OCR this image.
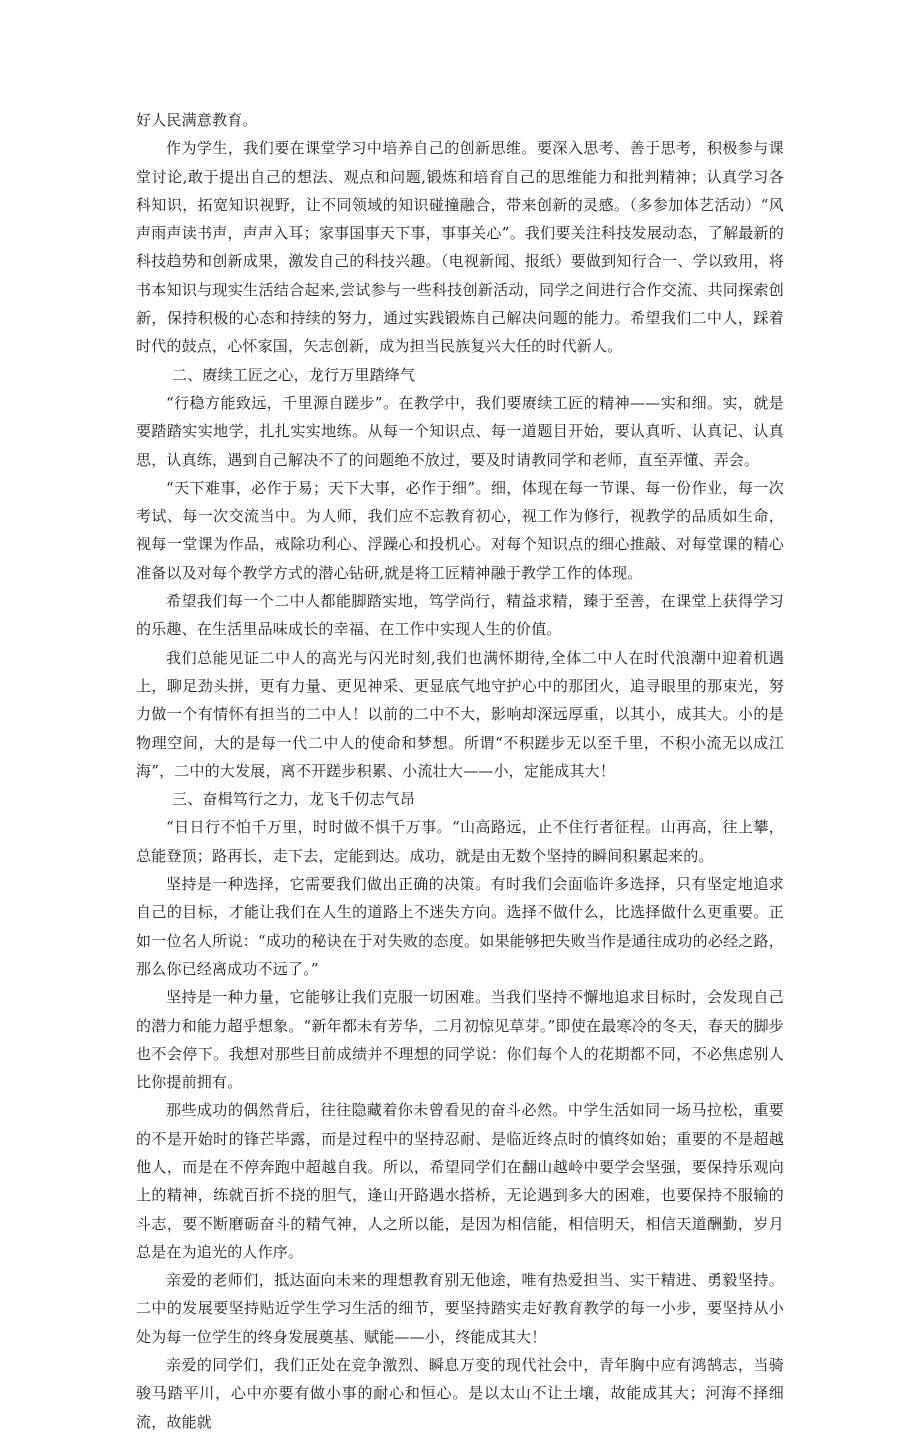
好人民满意教育。

作为学生，我们要在课堂学习中培养自己的创新思维。要深入思考、善于思考，积极参与课堂讨论,敢于提出自己的想法、观点和问题,锻炼和培育自己的思维能力和批判精神；认真学习各科知识，拓宽知识视野，让不同领域的知识碰撞融合，带来创新的灵感。（多参加体艺活动）“风声雨声读书声，声声入耳；家事国事天下事，事事关心”。我们要关注科技发展动态，了解最新的科技趋势和创新成果，激发自己的科技兴趣。（电视新闻、报纸）要做到知行合一、学以致用，将书本知识与现实生活结合起来,尝试参与一些科技创新活动，同学之间进行合作交流、共同探索创新，保持积极的心态和持续的努力，通过实践锻炼自己解决问题的能力。希望我们二中人，踩着时代的鼓点，心怀家国，矢志创新，成为担当民族复兴大任的时代新人。

二、赓续工匠之心，龙行万里踏绛气

“行稳方能致远，千里源自蹉步”。在教学中，我们要赓续工匠的精神——实和细。实，就是要踏踏实实地学，扎扎实实地练。从每一个知识点、每一道题目开始，要认真听、认真记、认真思，认真练，遇到自己解决不了的问题绝不放过，要及时请教同学和老师，直至弄懂、弄会。

“天下难事，必作于易；天下大事，必作于细”。细，体现在每一节课、每一份作业，每一次考试、每一次交流当中。为人师，我们应不忘教育初心，视工作为修行，视教学的品质如生命，视每一堂课为作品，戒除功利心、浮躁心和投机心。对每个知识点的细心推敲、对每堂课的精心准备以及对每个教学方式的潜心钻研,就是将工匠精神融于教学工作的体现。

希望我们每一个二中人都能脚踏实地，笃学尚行，精益求精，臻于至善，在课堂上获得学习的乐趣、在生活里品味成长的幸福、在工作中实现人生的价值。

我们总能见证二中人的高光与闪光时刻,我们也满怀期待,全体二中人在时代浪潮中迎着机遇上，聊足劲头拼，更有力量、更见神采、更显底气地守护心中的那团火，追寻眼里的那束光，努力做一个有情怀有担当的二中人！以前的二中不大，影响却深远厚重，以其小，成其大。小的是物理空间，大的是每一代二中人的使命和梦想。所谓“不积蹉步无以至千里，不积小流无以成江海”，二中的大发展，离不开蹉步积累、小流壮大——小，定能成其大！

三、奋楫笃行之力，龙飞千仞志气昂

“日日行不怕千万里，时时做不惧千万事。“山高路远，止不住行者征程。山再高，往上攀，总能登顶；路再长，走下去，定能到达。成功，就是由无数个坚持的瞬间积累起来的。

坚持是一种选择，它需要我们做出正确的决策。有时我们会面临许多选择，只有坚定地追求自己的目标，才能让我们在人生的道路上不迷失方向。选择不做什么，比选择做什么更重要。正如一位名人所说：“成功的秘诀在于对失败的态度。如果能够把失败当作是通往成功的必经之路，那么你已经离成功不远了。”

坚持是一种力量，它能够让我们克服一切困难。当我们坚持不懈地追求目标时，会发现自己的潜力和能力超乎想象。“新年都未有芳华，二月初惊见草芽。”即使在最寒冷的冬天，春天的脚步也不会停下。我想对那些目前成绩并不理想的同学说：你们每个人的花期都不同，不必焦虑别人比你提前拥有。

那些成功的偶然背后，往往隐藏着你未曾看见的奋斗必然。中学生活如同一场马拉松，重要的不是开始时的锋芒毕露，而是过程中的坚持忍耐、是临近终点时的慎终如始；重要的不是超越他人，而是在不停奔跑中超越自我。所以，希望同学们在翻山越岭中要学会坚强，要保持乐观向上的精神，练就百折不挠的胆气，逢山开路遇水搭桥，无论遇到多大的困难，也要保持不服输的斗志，要不断磨砺奋斗的精气神，人之所以能，是因为相信能，相信明天，相信天道酬勤，岁月总是在为追光的人作序。

亲爱的老师们，抵达面向未来的理想教育别无他途，唯有热爱担当、实干精进、勇毅坚持。二中的发展要坚持贴近学生学习生活的细节，要坚持踏实走好教育教学的每一小步，要坚持从小处为每一位学生的终身发展奠基、赋能——小，终能成其大！

亲爱的同学们，我们正处在竞争激烈、瞬息万变的现代社会中，青年胸中应有鸿鹄志，当骑骏马踏平川，心中亦要有做小事的耐心和恒心。是以太山不让土壤，故能成其大；河海不择细流，故能就
